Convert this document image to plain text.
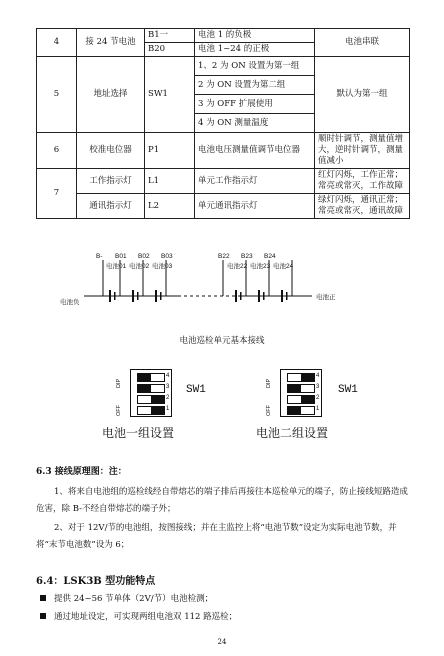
4	接 24 节电池	B1一	电池 1 的负极	电池串联
		B20	电池 1~24 的正极	
5	地址选择	SW1	1、2 为 ON 设置为第一组	默认为第一组
			2 为 ON 设置为第二组	
			3 为 OFF 扩展使用	
			4 为 ON 测量温度	
6	校准电位器	P1	电池电压测量值调节电位器	顺时针调节，测量值增大，逆时针调节，测量值减小
7	工作指示灯	L1	单元工作指示灯	红灯闪烁，工作正常；常亮或常灭，工作故障
	通讯指示灯	L2	单元通讯指示灯	绿灯闪烁，通讯正常；常亮或常灭，通讯故障
B- B01 B02 B03	B22 B23 B24
电池01 电池02 电池03	电池22 电池23 电池24
电池负
电池正
电池巡检单元基本接线
DIP
OFF
4
3
2
1
SW1
电池一组设置
DIP
OFF
4
3
2
1
SW1
电池二组设置
6.3 接线原理图：注：
1、将来自电池组的巡检线经自带熔芯的端子排后再接往本巡检单元的端子，防止接线短路造成危害，除 B-不经自带熔芯的端子外；
2、对于 12V/节的电池组，按图接线；并在主监控上将“电池节数”设定为实际电池节数，并将“末节电池数”设为 6；
6.4：LSK3B 型功能特点
提供 24~56 节单体（2V/节）电池检测；
通过地址设定，可实现两组电池双 112 路巡检；
24
